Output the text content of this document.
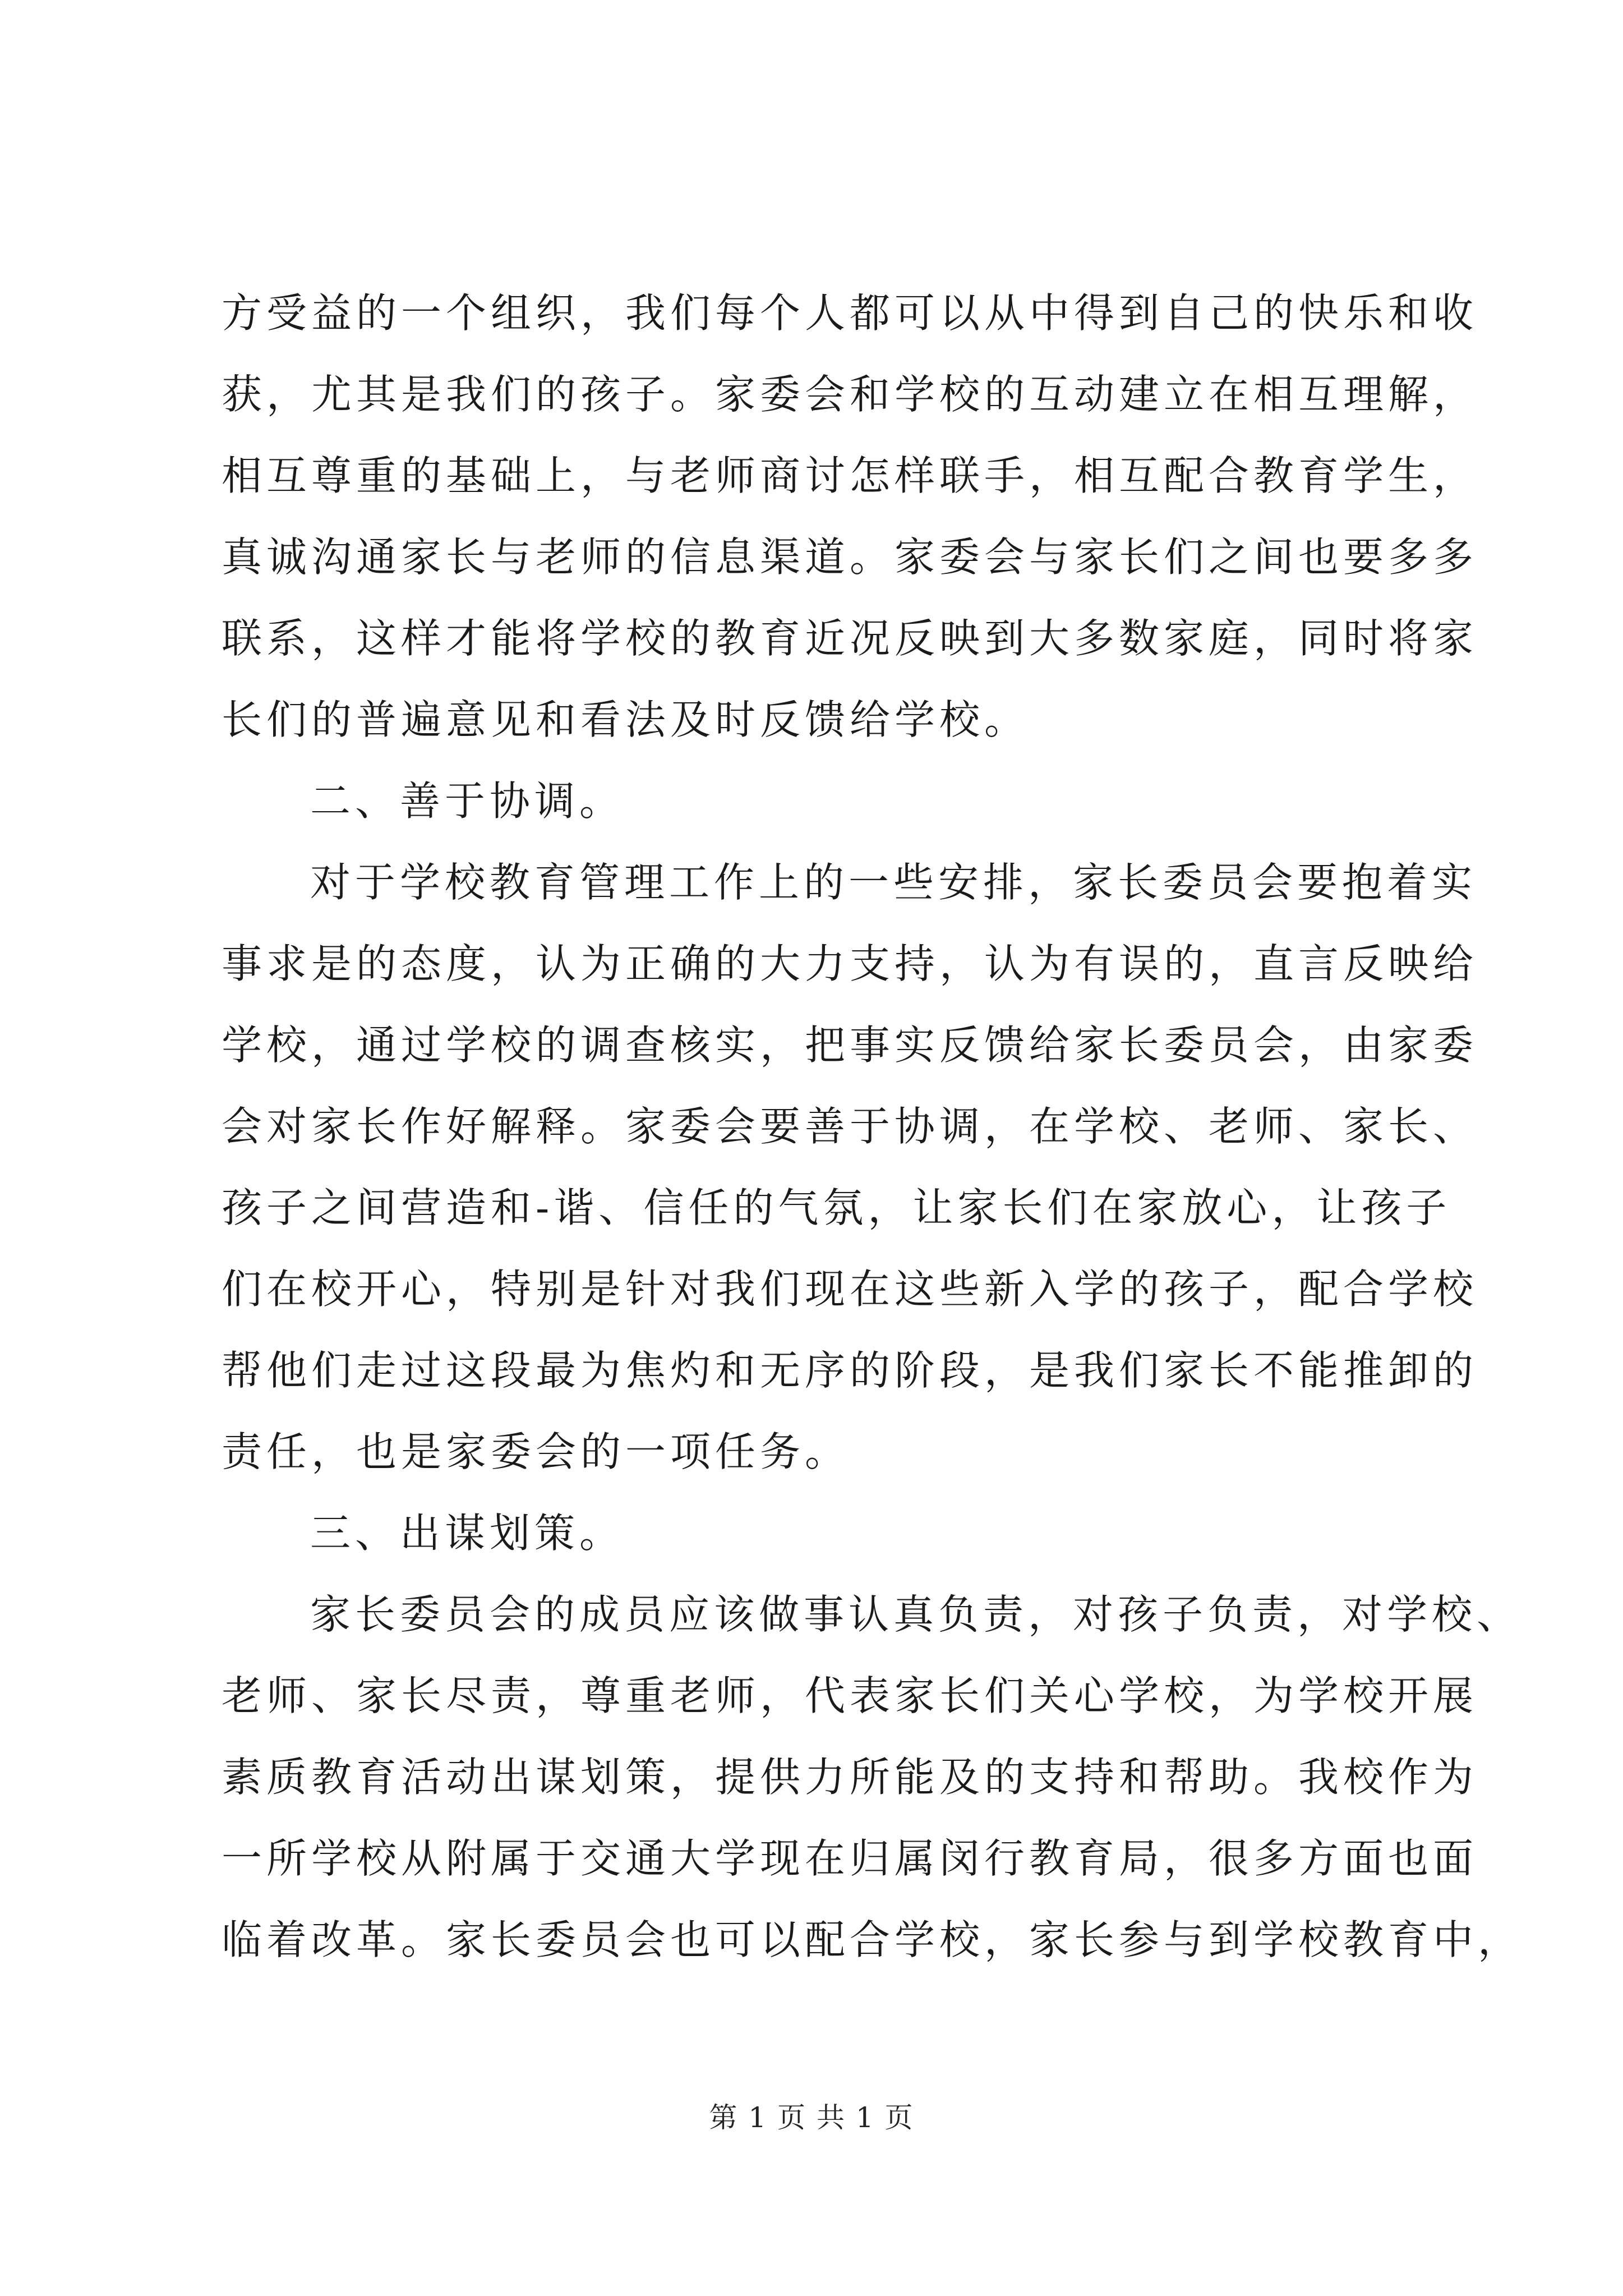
方受益的一个组织，我们每个人都可以从中得到自己的快乐和收
获，尤其是我们的孩子。家委会和学校的互动建立在相互理解，
相互尊重的基础上，与老师商讨怎样联手，相互配合教育学生，
真诚沟通家长与老师的信息渠道。家委会与家长们之间也要多多
联系，这样才能将学校的教育近况反映到大多数家庭，同时将家
长们的普遍意见和看法及时反馈给学校。
二、善于协调。
对于学校教育管理工作上的一些安排，家长委员会要抱着实
事求是的态度，认为正确的大力支持，认为有误的，直言反映给
学校，通过学校的调查核实，把事实反馈给家长委员会，由家委
会对家长作好解释。家委会要善于协调，在学校、老师、家长、
孩子之间营造和-谐、信任的气氛，让家长们在家放心，让孩子
们在校开心，特别是针对我们现在这些新入学的孩子，配合学校
帮他们走过这段最为焦灼和无序的阶段，是我们家长不能推卸的
责任，也是家委会的一项任务。
三、出谋划策。
家长委员会的成员应该做事认真负责，对孩子负责，对学校、
老师、家长尽责，尊重老师，代表家长们关心学校，为学校开展
素质教育活动出谋划策，提供力所能及的支持和帮助。我校作为
一所学校从附属于交通大学现在归属闵行教育局，很多方面也面
临着改革。家长委员会也可以配合学校，家长参与到学校教育中，
第 1 页 共 1 页
